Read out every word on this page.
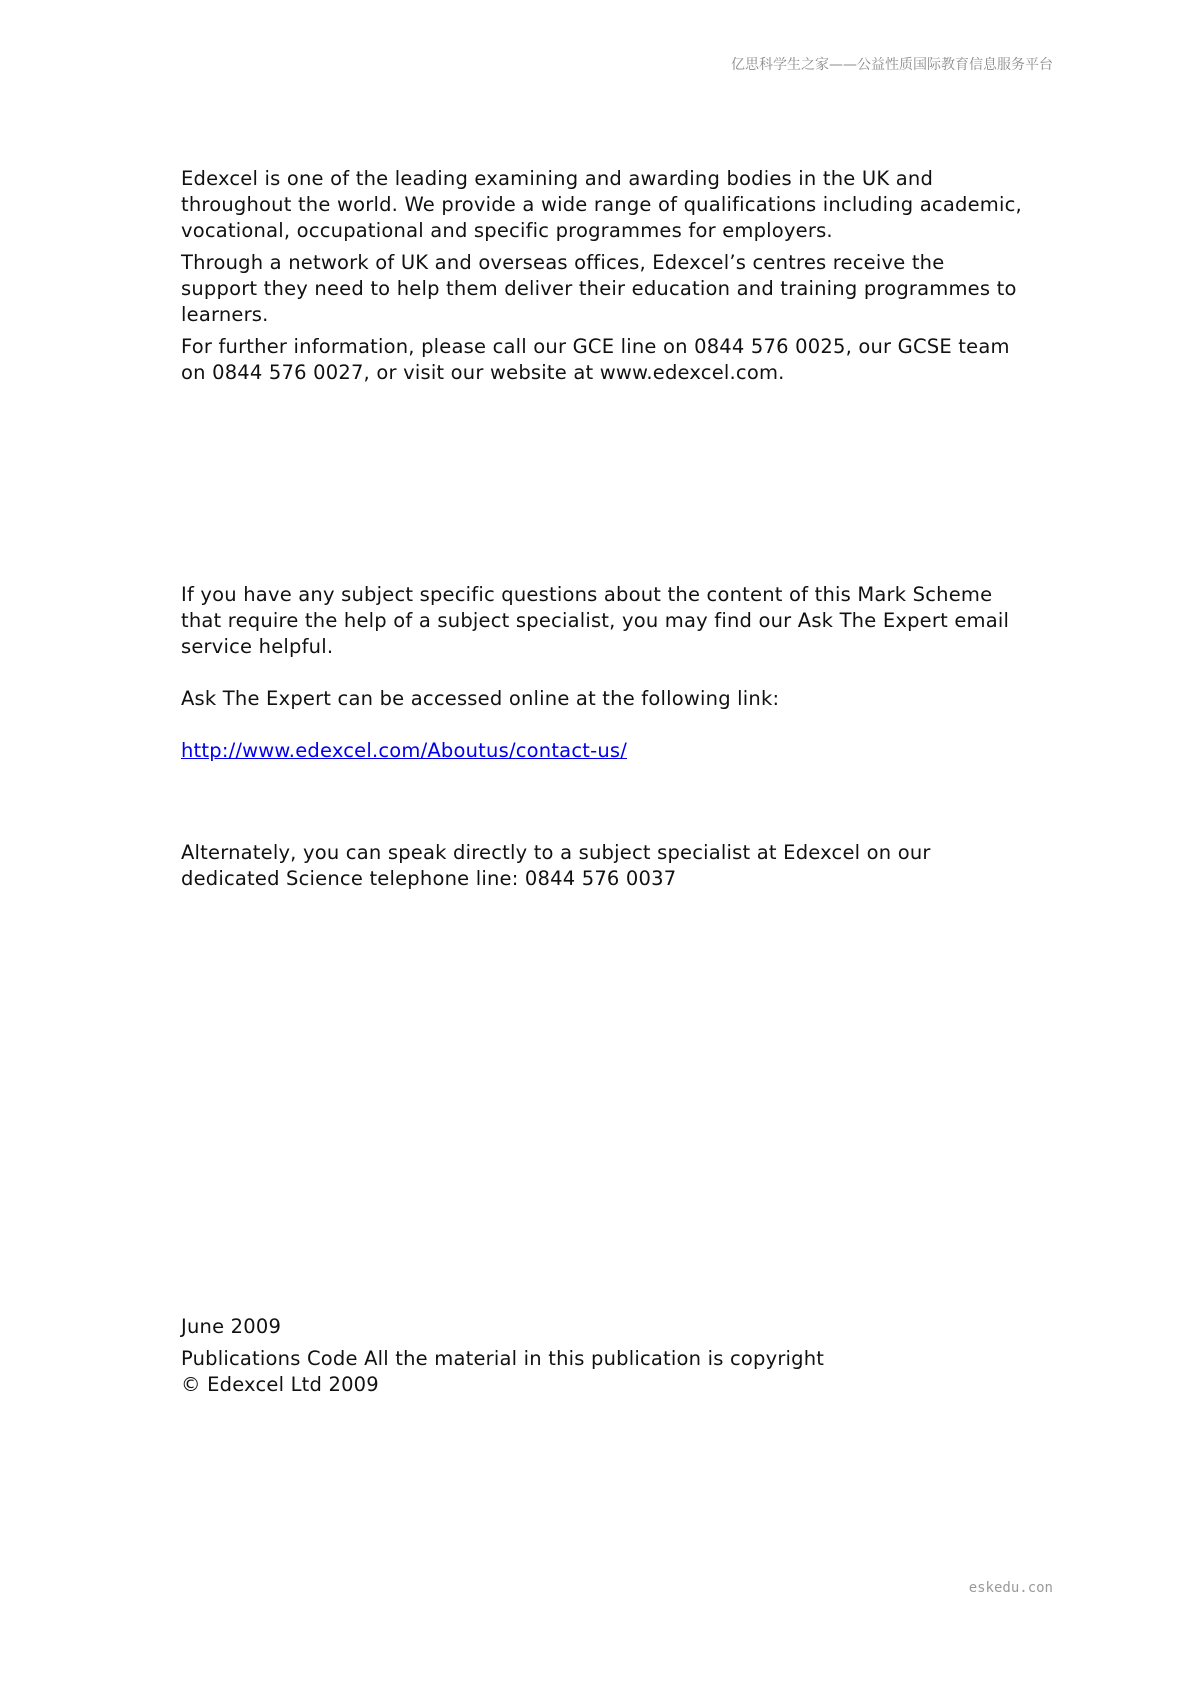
亿思科学生之家——公益性质国际教育信息服务平台

Edexcel is one of the leading examining and awarding bodies in the UK and throughout the world. We provide a wide range of qualifications including academic, vocational, occupational and specific programmes for employers.

Through a network of UK and overseas offices, Edexcel’s centres receive the support they need to help them deliver their education and training programmes to learners.

For further information, please call our GCE line on 0844 576 0025, our GCSE team on 0844 576 0027, or visit our website at www.edexcel.com.

If you have any subject specific questions about the content of this Mark Scheme that require the help of a subject specialist, you may find our Ask The Expert email service helpful.

Ask The Expert can be accessed online at the following link:

http://www.edexcel.com/Aboutus/contact-us/

Alternately, you can speak directly to a subject specialist at Edexcel on our dedicated Science telephone line: 0844 576 0037

June 2009

Publications Code All the material in this publication is copyright

© Edexcel Ltd 2009

eskedu.con
